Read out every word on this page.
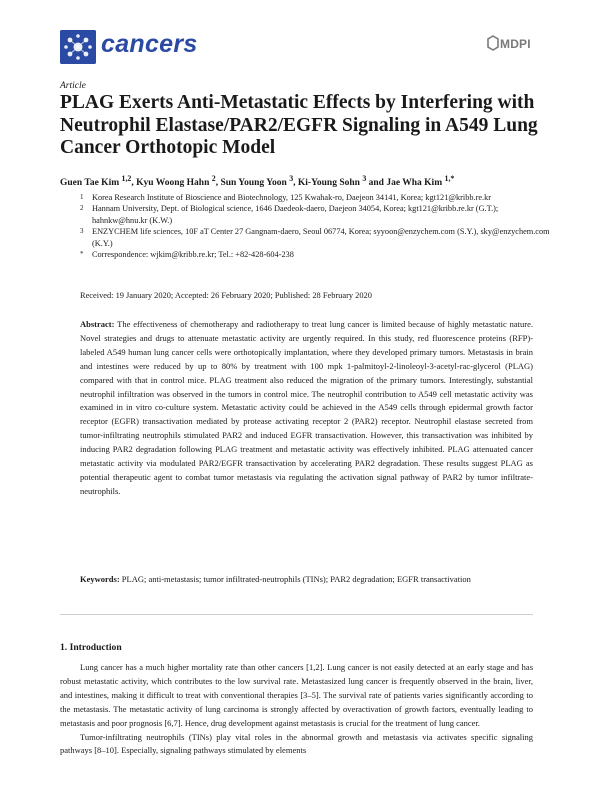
cancers	MDPI
Article
PLAG Exerts Anti-Metastatic Effects by Interfering with Neutrophil Elastase/PAR2/EGFR Signaling in A549 Lung Cancer Orthotopic Model
Guen Tae Kim $^{1,2}$, Kyu Woong Hahn $^2$, Sun Young Yoon $^3$, Ki-Young Sohn $^3$ and Jae Wha Kim $^{1,*}$
1 Korea Research Institute of Bioscience and Biotechnology, 125 Kwahak-ro, Daejeon 34141, Korea; kgt121@kribb.re.kr
2 Hannam University, Dept. of Biological science, 1646 Daedeok-daero, Daejeon 34054, Korea; kgt121@kribb.re.kr (G.T.); hahnkw@hnu.kr (K.W.)
3 ENZYCHEM life sciences, 10F aT Center 27 Gangnam-daero, Seoul 06774, Korea; syyoon@enzychem.com (S.Y.), sky@enzychem.com (K.Y.)
* Correspondence: wjkim@kribb.re.kr; Tel.: +82-428-604-238
Received: 19 January 2020; Accepted: 26 February 2020; Published: 28 February 2020
Abstract: The effectiveness of chemotherapy and radiotherapy to treat lung cancer is limited because of highly metastatic nature. Novel strategies and drugs to attenuate metastatic activity are urgently required. In this study, red fluorescence proteins (RFP)-labeled A549 human lung cancer cells were orthotopically implantation, where they developed primary tumors. Metastasis in brain and intestines were reduced by up to 80% by treatment with 100 mpk 1-palmitoyl-2-linoleoyl-3-acetyl-rac-glycerol (PLAG) compared with that in control mice. PLAG treatment also reduced the migration of the primary tumors. Interestingly, substantial neutrophil infiltration was observed in the tumors in control mice. The neutrophil contribution to A549 cell metastatic activity was examined in in vitro co-culture system. Metastatic activity could be achieved in the A549 cells through epidermal growth factor receptor (EGFR) transactivation mediated by protease activating receptor 2 (PAR2) receptor. Neutrophil elastase secreted from tumor-infiltrating neutrophils stimulated PAR2 and induced EGFR transactivation. However, this transactivation was inhibited by inducing PAR2 degradation following PLAG treatment and metastatic activity was effectively inhibited. PLAG attenuated cancer metastatic activity via modulated PAR2/EGFR transactivation by accelerating PAR2 degradation. These results suggest PLAG as potential therapeutic agent to combat tumor metastasis via regulating the activation signal pathway of PAR2 by tumor infiltrate-neutrophils.
Keywords: PLAG; anti-metastasis; tumor infiltrated-neutrophils (TINs); PAR2 degradation; EGFR transactivation
1. Introduction

Lung cancer has a much higher mortality rate than other cancers [1,2]. Lung cancer is not easily detected at an early stage and has robust metastatic activity, which contributes to the low survival rate. Metastasized lung cancer is frequently observed in the brain, liver, and intestines, making it difficult to treat with conventional therapies [3–5]. The survival rate of patients varies significantly according to the metastasis. The metastatic activity of lung carcinoma is strongly affected by overactivation of growth factors, eventually leading to metastasis and poor prognosis [6,7]. Hence, drug development against metastasis is crucial for the treatment of lung cancer.

Tumor-infiltrating neutrophils (TINs) play vital roles in the abnormal growth and metastasis via activates specific signaling pathways [8–10]. Especially, signaling pathways stimulated by elements
